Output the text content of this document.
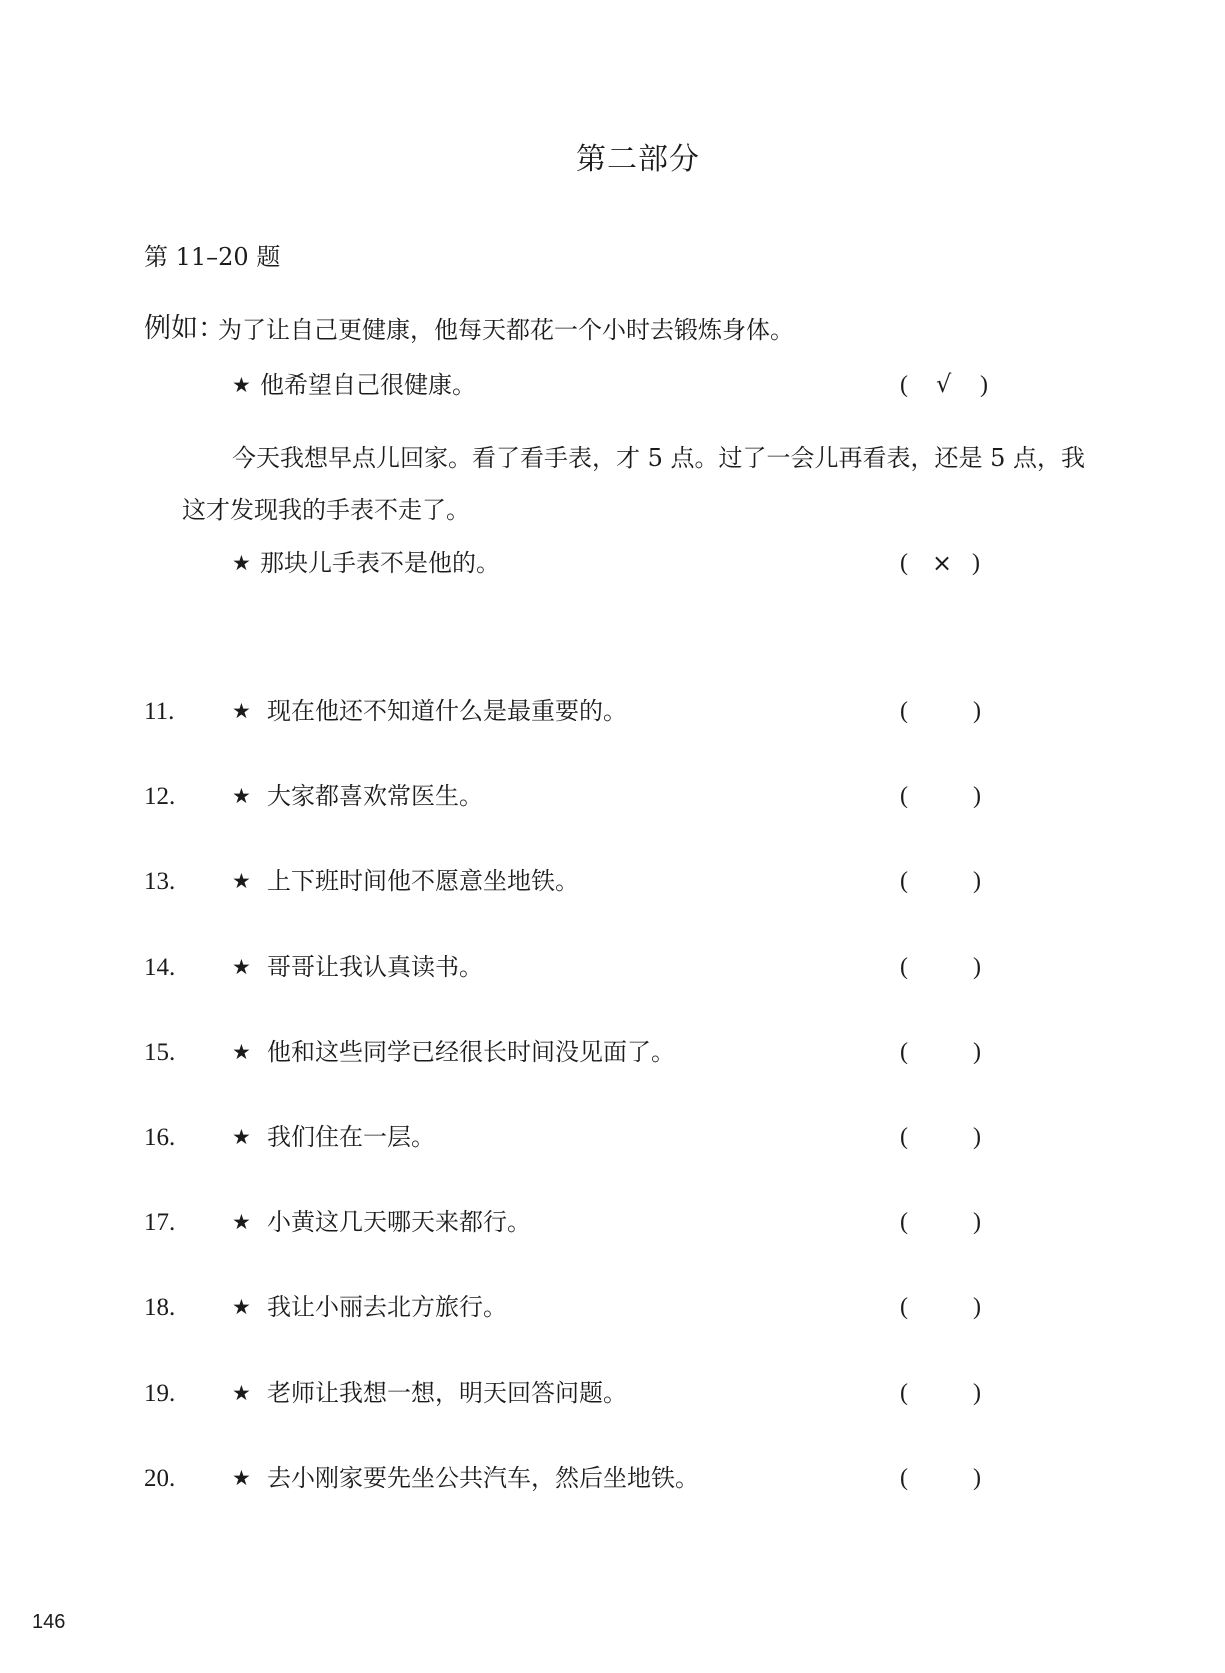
第二部分
第 11–20 题
例如：
为了让自己更健康，他每天都花一个小时去锻炼身体。
★ 他希望自己很健康。	( √ )
今天我想早点儿回家。看了看手表，才 5 点。过了一会儿再看表，还是 5 点，我
这才发现我的手表不走了。
★ 那块儿手表不是他的。	( × )
11.	★ 现在他还不知道什么是最重要的。	(	)
12.	★ 大家都喜欢常医生。	(	)
13.	★ 上下班时间他不愿意坐地铁。	(	)
14.	★ 哥哥让我认真读书。	(	)
15.	★ 他和这些同学已经很长时间没见面了。	(	)
16.	★ 我们住在一层。	(	)
17.	★ 小黄这几天哪天来都行。	(	)
18.	★ 我让小丽去北方旅行。	(	)
19.	★ 老师让我想一想，明天回答问题。	(	)
20.	★ 去小刚家要先坐公共汽车，然后坐地铁。	(	)
146
